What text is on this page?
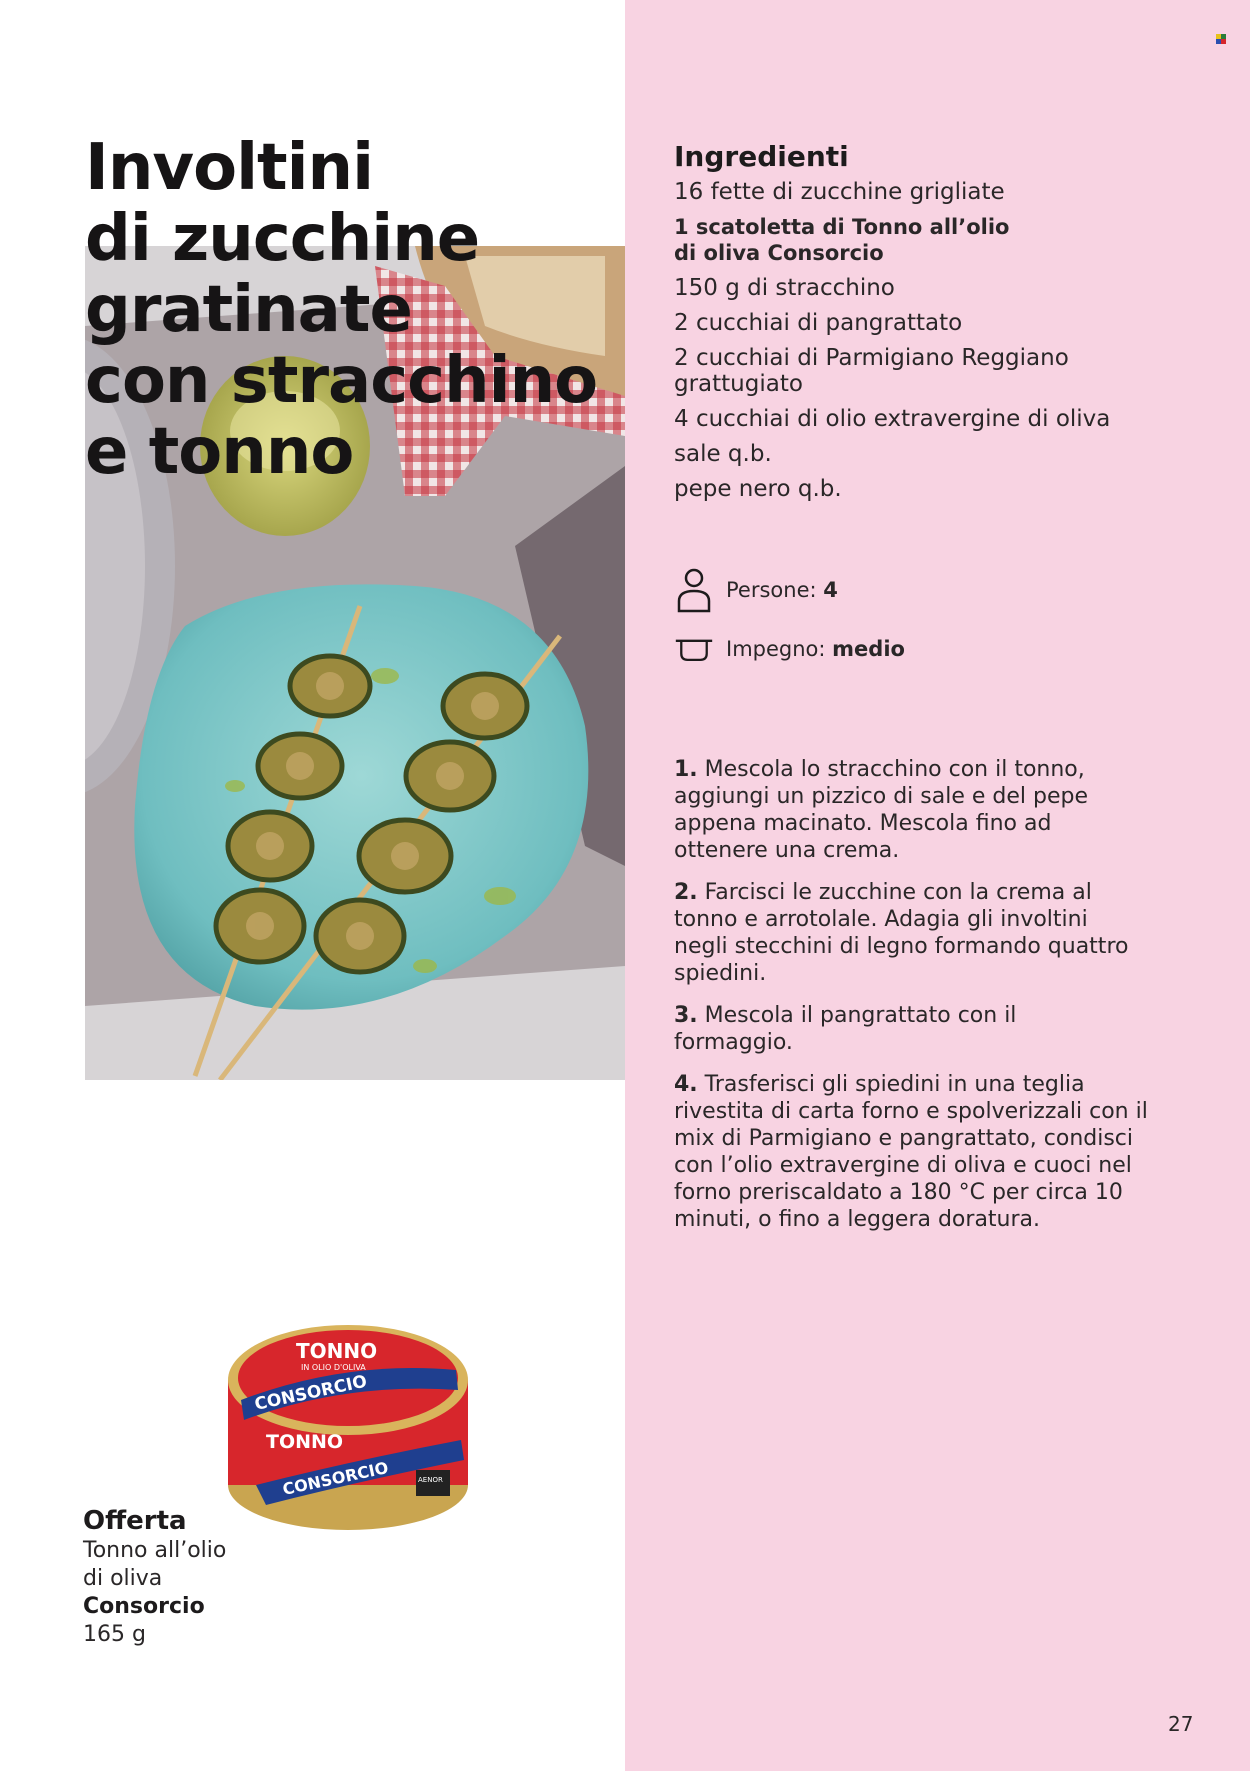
Involtini
di zucchine
gratinate
con stracchino
e tonno
Ingredienti

16 fette di zucchine grigliate

1 scatoletta di Tonno all’olio
di oliva Consorcio

150 g di stracchino

2 cucchiai di pangrattato

2 cucchiai di Parmigiano Reggiano
grattugiato

4 cucchiai di olio extravergine di oliva

sale q.b.

pepe nero q.b.

Persone: 4
Impegno: medio

1. Mescola lo stracchino con il tonno,
aggiungi un pizzico di sale e del pepe
appena macinato. Mescola fino ad
ottenere una crema.

2. Farcisci le zucchine con la crema al
tonno e arrotolale. Adagia gli involtini
negli stecchini di legno formando quattro
spiedini.

3. Mescola il pangrattato con il
formaggio.

4. Trasferisci gli spiedini in una teglia
rivestita di carta forno e spolverizzali con il
mix di Parmigiano e pangrattato, condisci
con l’olio extravergine di oliva e cuoci nel
forno preriscaldato a 180 °C per circa 10
minuti, o fino a leggera doratura.

TONNO
IN OLIO D'OLIVA
CONSORCIO
TONNO
CONSORCIO	AENOR
Offerta
Tonno all’olio
di oliva
Consorcio
165 g
27
